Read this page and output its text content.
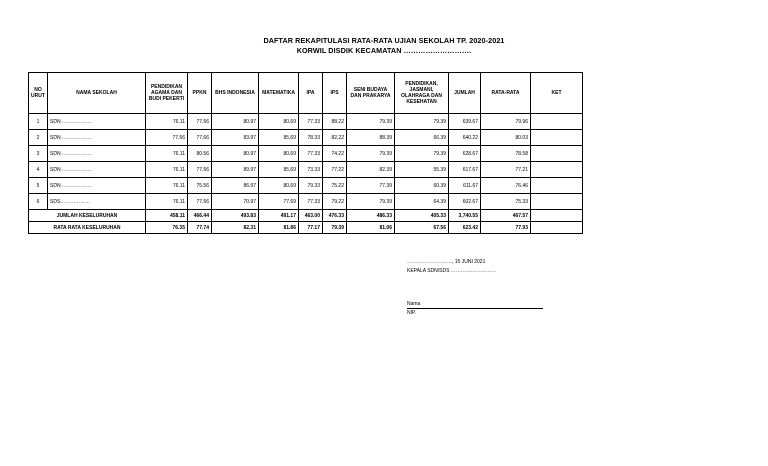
DAFTAR REKAPITULASI RATA-RATA UJIAN SEKOLAH TP. 2020-2021
KORWIL DISDIK KECAMATAN ……………………….
NO URUT	NAMA SEKOLAH	PENDIDIKAN AGAMA DAN BUDI PEKERTI	PPKN	BHS INDONESIA	MATEMATIKA	IPA	IPS	SENI BUDAYA DAN PRAKARYA	PENDIDIKAN, JASMANI, OLAHRAGA DAN KESEHATAN	JUMLAH	RATA-RATA	KET
1	SDN ………………	76.11	77.56	80.97	80.69	77.33	88.22	79.39	79.39	639.67	79.96	
2	SDN ………………	77.56	77.66	83.97	85.69	78.33	82.22	88.39	66.39	640.22	80.03	
3	SDN ………………	76.11	80.56	80.97	80.69	77.33	74.22	79.39	79.39	628.67	78.58	
4	SDN ………………	76.11	77.56	89.97	85.69	73.33	77.22	82.39	55.39	617.67	77.21	
5	SDN ………………	76.11	75.56	86.97	80.69	79.33	75.22	77.39	60.39	611.67	76.46	
6	SDS………………	76.11	77.56	70.97	77.69	77.33	79.22	79.39	64.39	602.67	75.33	
JUMLAH KESELURUHAN		458.11	466.44	493.83	491.17	463.00	476.33	486.33	405.33	3,740.55	467.57	
RATA RATA KESELURUHAN		76.35	77.74	82.31	81.86	77.17	79.39	81.06	67.56	623.42	77.93	
………………………, 15 JUNI 2021
KEPALA SDN/SDS ………………………
Nama
NIP.
